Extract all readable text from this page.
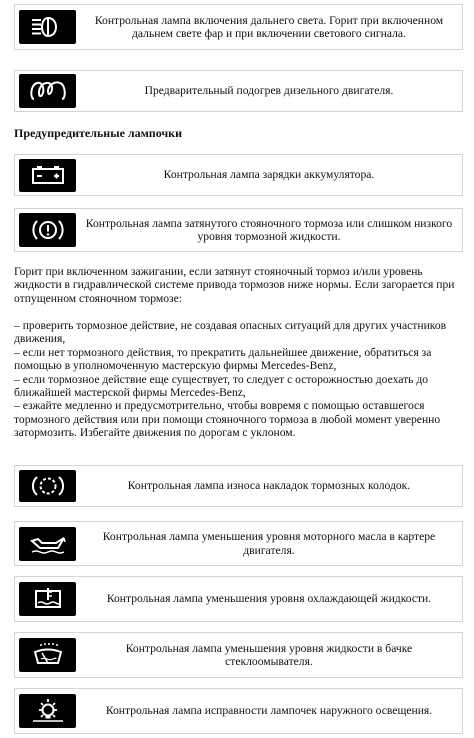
Контрольная лампа включения дальнего света. Горит при включенном дальнем свете фар и при включении светового сигнала.
Предварительный подогрев дизельного двигателя.
Предупредительные лампочки
Контрольная лампа зарядки аккумулятора.
Контрольная лампа затянутого стояночного тормоза или слишком низкого уровня тормозной жидкости.

Горит при включенном зажигании, если затянут стояночный тормоз и/или уровень жидкости в гидравлической системе привода тормозов ниже нормы. Если загорается при отпущенном стояночном тормозе:

– проверить тормозное действие, не создавая опасных ситуаций для других участников движения,
– если нет тормозного действия, то прекратить дальнейшее движение, обратиться за помощью в уполномоченную мастерскую фирмы Mercedes-Benz,
– если тормозное действие еще существует, то следует с осторожностью доехать до ближайшей мастерской фирмы Mercedes-Benz,
– езжайте медленно и предусмотрительно, чтобы вовремя с помощью оставшегося тормозного действия или при помощи стояночного тормоза в любой момент уверенно затормозить. Избегайте движения по дорогам с уклоном.

Контрольная лампа износа накладок тормозных колодок.
Контрольная лампа уменьшения уровня моторного масла в картере двигателя.
Контрольная лампа уменьшения уровня охлаждающей жидкости.
Контрольная лампа уменьшения уровня жидкости в бачке стеклоомывателя.
Контрольная лампа исправности лампочек наружного освещения.
